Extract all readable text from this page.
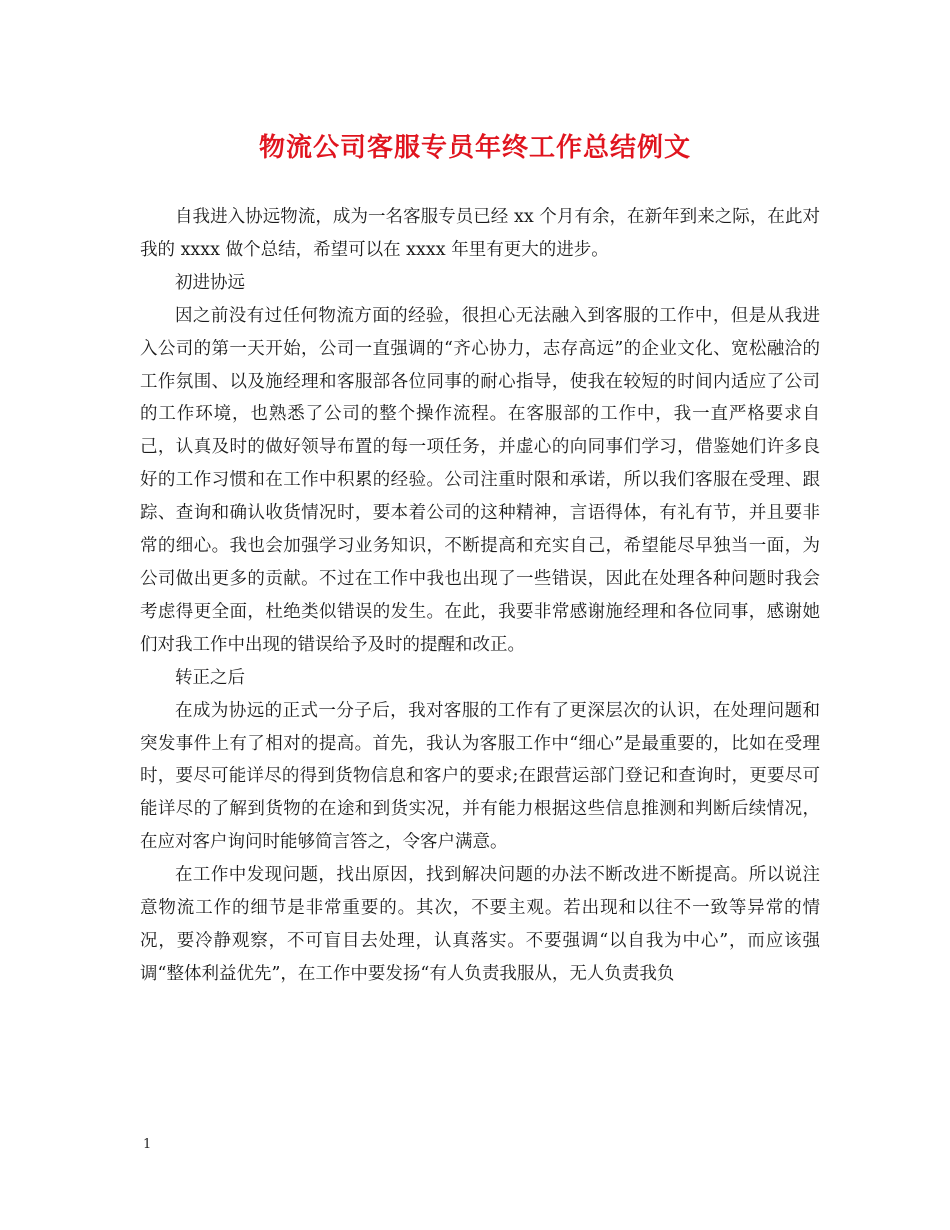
物流公司客服专员年终工作总结例文

自我进入协远物流，成为一名客服专员已经 xx 个月有余，在新年到来之际，在此对我的 xxxx 做个总结，希望可以在 xxxx 年里有更大的进步。

初进协远

因之前没有过任何物流方面的经验，很担心无法融入到客服的工作中，但是从我进入公司的第一天开始，公司一直强调的“齐心协力，志存高远”的企业文化、宽松融洽的工作氛围、以及施经理和客服部各位同事的耐心指导，使我在较短的时间内适应了公司的工作环境，也熟悉了公司的整个操作流程。在客服部的工作中，我一直严格要求自己，认真及时的做好领导布置的每一项任务，并虚心的向同事们学习，借鉴她们许多良好的工作习惯和在工作中积累的经验。公司注重时限和承诺，所以我们客服在受理、跟踪、查询和确认收货情况时，要本着公司的这种精神，言语得体，有礼有节，并且要非常的细心。我也会加强学习业务知识，不断提高和充实自己，希望能尽早独当一面，为公司做出更多的贡献。不过在工作中我也出现了一些错误，因此在处理各种问题时我会考虑得更全面，杜绝类似错误的发生。在此，我要非常感谢施经理和各位同事，感谢她们对我工作中出现的错误给予及时的提醒和改正。

转正之后

在成为协远的正式一分子后，我对客服的工作有了更深层次的认识，在处理问题和突发事件上有了相对的提高。首先，我认为客服工作中“细心”是最重要的，比如在受理时，要尽可能详尽的得到货物信息和客户的要求;在跟营运部门登记和查询时，更要尽可能详尽的了解到货物的在途和到货实况，并有能力根据这些信息推测和判断后续情况，在应对客户询问时能够简言答之，令客户满意。

在工作中发现问题，找出原因，找到解决问题的办法不断改进不断提高。所以说注意物流工作的细节是非常重要的。其次，不要主观。若出现和以往不一致等异常的情况，要冷静观察，不可盲目去处理，认真落实。不要强调“以自我为中心”，而应该强调“整体利益优先”，在工作中要发扬“有人负责我服从，无人负责我负

1
